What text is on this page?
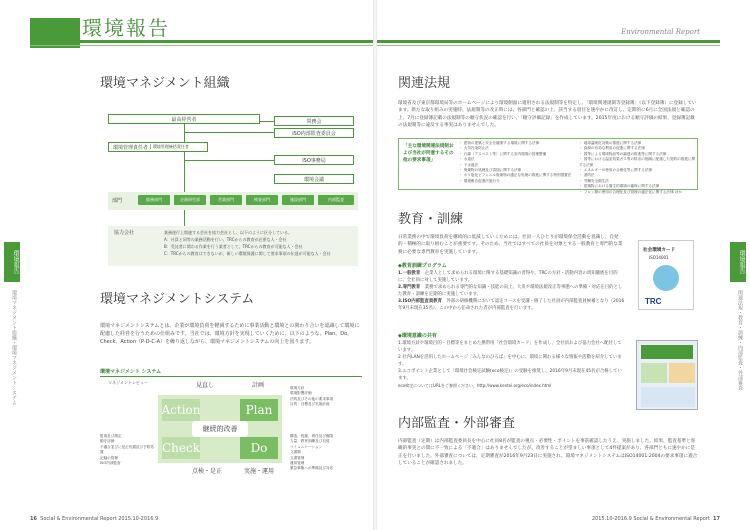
環境報告	Environmental Report
環境報告
環境マネジメント組織・環境マネジメントシステム
環境報告
関連法規・教育・訓練・内部監査・外部審査
環境マネジメント組織
最高経営者	常務会
ISO内部監査委員会
環境管理責任者 | 環境管理統括責任者
ISO事務局
環境会議
部門	総務部門	企画研究部	営業部門	検査部門	施設部門	内部監査
協力会社	業務遂行上関連する会社を協力会社とし、以下のように区分している。
A：社員と同等の業務活動を行い、TRCからの教育が必要な人・会社
B：受託者に関わる作業を行う業者として、TRCからの教育が可能な人・会社
C：TRCからの教育はできないが、新しい環境保護に関して要求事項の伝達が可能な人・会社
環境マネジメントシステム
環境マネジメントシステムとは、企業が環境負荷を軽減するために事業活動と環境との関わり合いを認識して環境に配慮した経営を行うための仕組みです。当社では、環境方針を実現していくために、以下のような、Plan、Do、Check、Action（P-D-C-A）を繰り返しながら、環境マネジメントシステムの向上を図ります。
環境マネジメント システム
マネジメントレビュー	見直し	計画
Action	Plan
Check	Do
継続的改善
点検・是正	実施・運用
環境方針
環境影響評価
法的及びその他の要求事項
目的・目標及び実施計画
構造、役割、責任及び権限
力量、教育訓練及び自覚
コミュニケーション
文書類
文書管理
運用管理
緊急事態への準備及び対応
監視及び測定
順守評価
不適合並びに是正処置及び予防処置
記録の管理
ISO内部監査
関連法規
環境省及び東京都環境局等のホームページにより環境側面に適用される法規制等を特定し、「環境関連規制等登録簿」（以下登録簿）に登録しています。新たな取り組みの実施時、法規制等の改正時には、各部門と確認の上、該当する項目を速やかに改訂し、定期的に6月に全国法規と確認の上、7月に登録簿記載の法規制等の順守状況の確認を行い、「順守評価記録」を作成しています。2015年度における順守評価の結果、登録簿記載の法規制等に違反する事実はありませんでした。
「主な環境関連法規制および当社が同意するその他の要求事項」
・ 建物の建築と安全を確保する環境に関する法律
・ 大気汚染防止法
・ 石綿（アスベスト等）に関する室内環境の管理整備
・ 水道法
・ 下水道法
・ 廃棄物の処理及び清掃に関する法律
・ ポリ塩化ビフェニル廃棄物の適正な処理の推進に関する特別措置法
・ 環境報告促進法施行令
・ 地球温暖化対策の推進に関する法律
・ 資源の有効な利用の促進に関する法律
・ 国等による環境物品等の調達の推進等に関する法律
・ 国等における温室効果ガス等の排出の削減に配慮した契約の推進に関する法律
・ エネルギーの使用の合理化等に関する法律
・ 消防法
・ 労働安全衛生法
・ 建築物における衛生的環境の確保に関する法律
・ フロン類の使用の合理化及び管理の適正化に関する法律 ほか
教育・訓練
日常業務の中で環境負荷を継続的に低減していくためには、社員一人ひとりが環境保全活動を意識し、自発的・積極的に取り組むことが重要です。そのため、当社ではすべての社員を対象とする一般教育と専門的な業務に必要な専門教育を実施しています。
◆教育訓練プログラム
1.一般教育　 企業人として求められる環境に関する基礎知識の習得や、TRCの方針・活動内容の周知徹底を目的に、全社員に対して実施しています。
2.専門教育　 業務で求められる専門的な知識・技能の向上、大災や環境法規改正等事態への準備・対応を目的とした教育・訓練を定期的に実施しています。
3.ISO内部監査員教育　 外部の研修機関において認定コースを受講・修了した社員が内部監査員候補となり（2016年9月末現在35名）、この中から任命された者が内部監査を行います。
◆環境意識の共有
1.環境方針や環境目的・目標等をまとめた携帯用「社会環境カード」を作成し、全社員および協力会社へ配付しています。
2.社内LANを活用したホームページ「みんなのひろば」を中心に、環境に関わる様々な情報や活動を紹介しています。
3.エコポイント企業として「環境社会検定試験(eco検定)」の受験を推奨し、2016年9月末現在45名が合格しています。
eco検定についてはURLをご参照ください。http://www.kentei.org/eco/index.html
社会環境カード
ISO14001
TRC
内部監査・外部審査
内部監査（定期）は内部監査委員長を中心に社員8名が監査の視点・必要性・ポイントを事前確認したうえ、実施しました。結果、監査基準と客観的事実との間に不一致による「不適合」はありませんでしたが、改善することが望ましい事項として4件提案があり、各部門ともに速やかに是正を行いました。外部審査については、定期審査が2016年9月23日に実施され、環境マネジメントシステムはISO14001:2004の要求事項に適合していることが確認されました。
16 Social & Environmental Report 2015.10-2016.9	2015.10-2016.9 Social & Environmental Report 17
